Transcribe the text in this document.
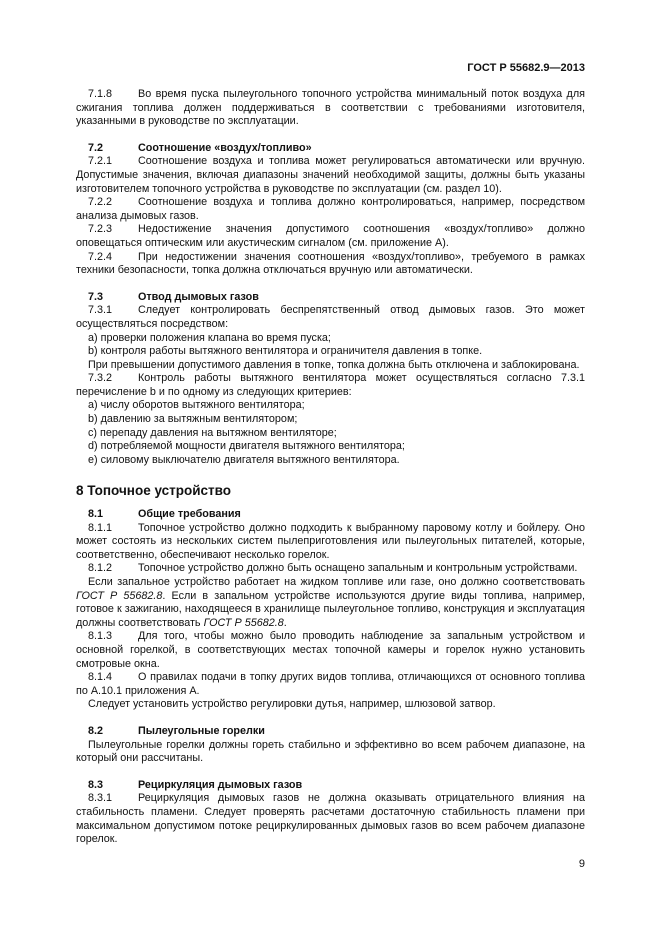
ГОСТ Р 55682.9—2013

7.1.8 Во время пуска пылеугольного топочного устройства минимальный поток воздуха для сжигания топлива должен поддерживаться в соответствии с требованиями изготовителя, указанными в руководстве по эксплуатации.

7.2	Соотношение «воздух/топливо»

7.2.1 Соотношение воздуха и топлива может регулироваться автоматически или вручную. Допустимые значения, включая диапазоны значений необходимой защиты, должны быть указаны изготовителем топочного устройства в руководстве по эксплуатации (см. раздел 10).

7.2.2 Соотношение воздуха и топлива должно контролироваться, например, посредством анализа дымовых газов.

7.2.3 Недостижение значения допустимого соотношения «воздух/топливо» должно оповещаться оптическим или акустическим сигналом (см. приложение А).

7.2.4 При недостижении значения соотношения «воздух/топливо», требуемого в рамках техники безопасности, топка должна отключаться вручную или автоматически.

7.3	Отвод дымовых газов

7.3.1 Следует контролировать беспрепятственный отвод дымовых газов. Это может осуществляться посредством:

а) проверки положения клапана во время пуска;

b) контроля работы вытяжного вентилятора и ограничителя давления в топке.

При превышении допустимого давления в топке, топка должна быть отключена и заблокирована.

7.3.2 Контроль работы вытяжного вентилятора может осуществляться согласно 7.3.1 перечисление b и по одному из следующих критериев:

а) числу оборотов вытяжного вентилятора;

b) давлению за вытяжным вентилятором;

с) перепаду давления на вытяжном вентиляторе;

d) потребляемой мощности двигателя вытяжного вентилятора;

е) силовому выключателю двигателя вытяжного вентилятора.

8 Топочное устройство

8.1	Общие требования

8.1.1 Топочное устройство должно подходить к выбранному паровому котлу и бойлеру. Оно может состоять из нескольких систем пылеприготовления или пылеугольных питателей, которые, соответственно, обеспечивают несколько горелок.

8.1.2 Топочное устройство должно быть оснащено запальным и контрольным устройствами.

Если запальное устройство работает на жидком топливе или газе, оно должно соответствовать ГОСТ Р 55682.8. Если в запальном устройстве используются другие виды топлива, например, готовое к зажиганию, находящееся в хранилище пылеугольное топливо, конструкция и эксплуатация должны соответствовать ГОСТ Р 55682.8.

8.1.3 Для того, чтобы можно было проводить наблюдение за запальным устройством и основной горелкой, в соответствующих местах топочной камеры и горелок нужно установить смотровые окна.

8.1.4 О правилах подачи в топку других видов топлива, отличающихся от основного топлива по А.10.1 приложения А.

Следует установить устройство регулировки дутья, например, шлюзовой затвор.

8.2	Пылеугольные горелки

Пылеугольные горелки должны гореть стабильно и эффективно во всем рабочем диапазоне, на который они рассчитаны.

8.3	Рециркуляция дымовых газов

8.3.1 Рециркуляция дымовых газов не должна оказывать отрицательного влияния на стабильность пламени. Следует проверять расчетами достаточную стабильность пламени при максимальном допустимом потоке рециркулированных дымовых газов во всем рабочем диапазоне горелок.

9
